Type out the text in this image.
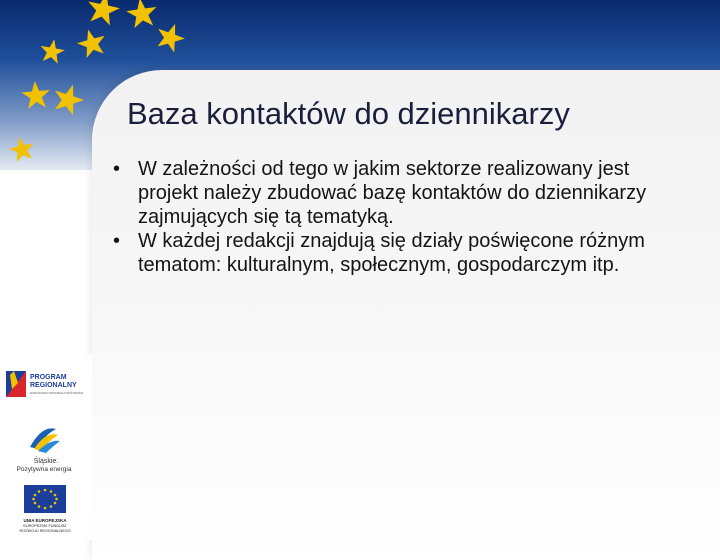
Baza kontaktów do dziennikarzy
• W zależności od tego w jakim sektorze realizowany jest projekt należy zbudować bazę kontaktów do dziennikarzy zajmujących się tą tematyką.
• W każdej redakcji znajdują się działy poświęcone różnym tematom: kulturalnym, społecznym, gospodarczym itp.
PROGRAM
REGIONALNY
NARODOWA STRATEGIA SPÓJNOŚCI
Śląskie.
Pozytywna energia
UNIA EUROPEJSKA
EUROPEJSKI FUNDUSZ
ROZWOJU REGIONALNEGO
